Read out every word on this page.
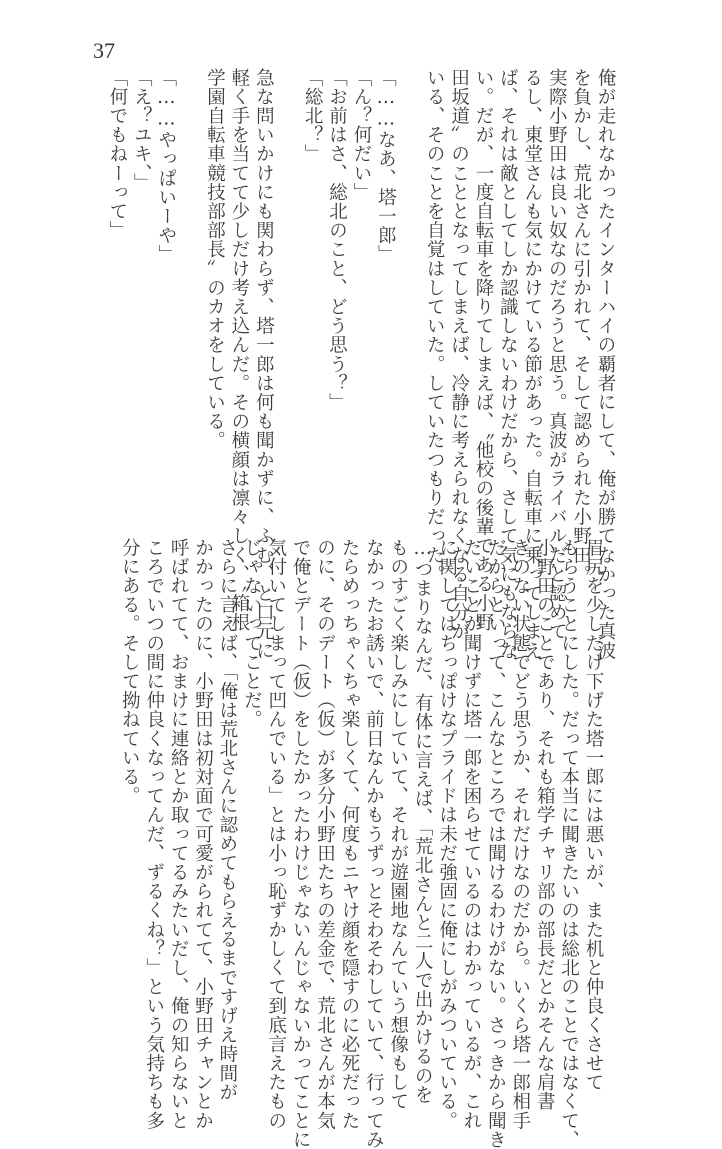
37

俺が走れなかったインターハイの覇者にして、俺が勝てなかった真波

を負かし、荒北さんに引かれて、そして認められた小野田。

実際小野田は良い奴なのだろうと思う。真波がライバルだと認めて

るし、東堂さんも気にかけている節があった。自転車に乗ってしまえ

ば、それは敵としてしか認識しないわけだから、さして気にもならな

い。だが、一度自転車を降りてしまえば、〝他校の後輩である小野

田坂道〟のこととなってしまえば、冷静に考えられなくなる自分が

いる、そのことを自覚はしていた。していたつもりだった。

「……なあ、塔一郎」

「ん？何だい」

「お前はさ、総北のこと、どう思う？」

「総北？」

急な問いかけにも関わらず、塔一郎は何も聞かずに、ふむ、と口元に

軽く手を当てて少しだけ考え込んだ。その横顔は凛々しく、〝箱根

学園自転車競技部部長〟のカオをしている。

「……やっぱいーや」

「え？ユキ、」

「何でもねーって」

眉尻を少しだけ下げた塔一郎には悪いが、また机と仲良くさせて

もらうことにした。だって本当に聞きたいのは総北のことではなくて、

小野田のことであり、それも箱学チャリ部の部長だとかそんな肩書

きのない状態でどう思うか、それだけなのだから。いくら塔一郎相手

だからといって、こんなところでは聞けるわけがない。さっきから聞き

たいことが聞けずに塔一郎を困らせているのはわかっているが、これ

に関してはちっぽけなプライドは未だ強固に俺にしがみついている。

…つまりなんだ、有体に言えば、「荒北さんと二人で出かけるのを

ものすごく楽しみにしていて、それが遊園地なんていう想像もして

なかったお誘いで、前日なんかもうずっとそわそわしていて、行ってみ

たらめっちゃくちゃ楽しくて、何度もニヤけ顔を隠すのに必死だった

のに、そのデート（仮）が多分小野田たちの差金で、荒北さんが本気

で俺とデート（仮）をしたかったわけじゃないんじゃないかってことに

気付いてしまって凹んでいる」とは小っ恥ずかしくて到底言えたもの

じゃないってことだ。

さらに言えば、「俺は荒北さんに認めてもらえるまですげえ時間が

かかったのに、小野田は初対面で可愛がられてて、小野田チャンとか

呼ばれてて、おまけに連絡とか取ってるみたいだし、俺の知らないと

ころでいつの間に仲良くなってんだ、ずるくね？」という気持ちも多

分にある。そして拗ねている。
